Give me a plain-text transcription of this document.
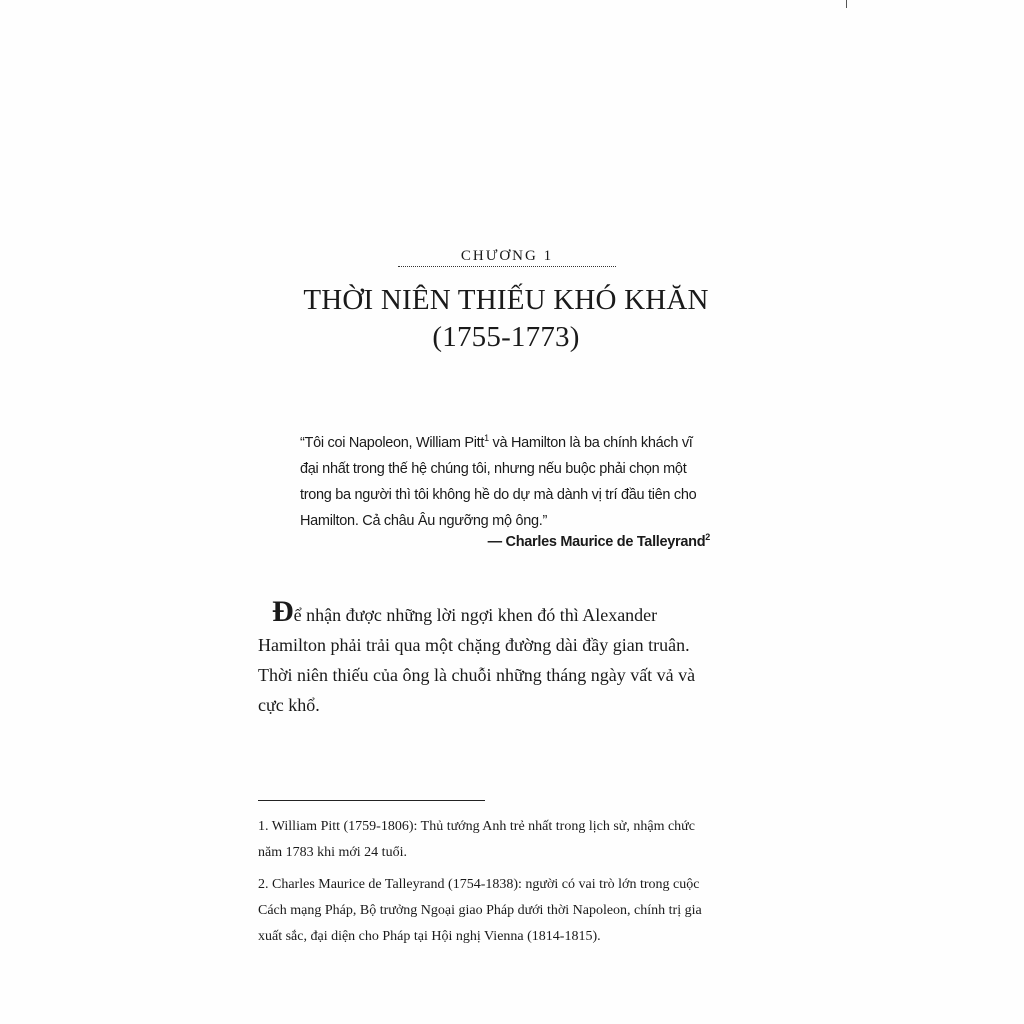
CHƯƠNG 1
THỜI NIÊN THIẾU KHÓ KHĂN
(1755-1773)
“Tôi coi Napoleon, William Pitt$^1$ và Hamilton là ba chính khách vĩ
đại nhất trong thế hệ chúng tôi, nhưng nếu buộc phải chọn một
trong ba người thì tôi không hề do dự mà dành vị trí đầu tiên cho
Hamilton. Cả châu Âu ngưỡng mộ ông.”
— Charles Maurice de Talleyrand$^2$
Để nhận được những lời ngợi khen đó thì Alexander
Hamilton phải trải qua một chặng đường dài đầy gian truân.
Thời niên thiếu của ông là chuỗi những tháng ngày vất vả và
cực khổ.
1. William Pitt (1759-1806): Thủ tướng Anh trẻ nhất trong lịch sử, nhậm chức
năm 1783 khi mới 24 tuổi.
2. Charles Maurice de Talleyrand (1754-1838): người có vai trò lớn trong cuộc
Cách mạng Pháp, Bộ trưởng Ngoại giao Pháp dưới thời Napoleon, chính trị gia
xuất sắc, đại diện cho Pháp tại Hội nghị Vienna (1814-1815).
